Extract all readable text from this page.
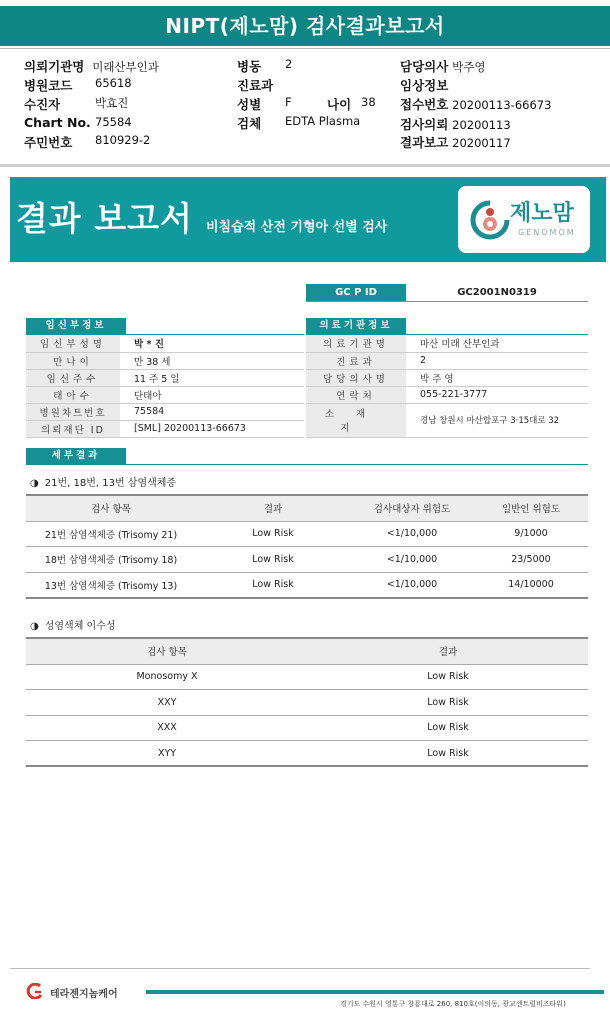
NIPT(제노맘) 검사결과보고서
의뢰기관명 미래산부인과
병원코드 65618
수진자	박효진
Chart No. 75584
주민번호 810929-2
병동 2
진료과
성별 F	나이 38
검체 EDTA Plasma
담당의사 박주영
임상정보
접수번호 20200113-66673
검사의뢰 20200113
결과보고 20200117
결과 보고서 비침습적 산전 기형아 선별 검사
제노맘
GENOMOM
GC P ID	GC2001N0319
임신부정보
임신부성명	박 * 진
만나이	만 38 세
임신주수	11 주 5 일
태아수	단태아
병원차트번호	75584
의뢰재단 ID	[SML] 20200113-66673
의료기관정보
의료기관명	마산 미래 산부인과
진료과	2
담당의사명	박 주 영
연락처	055-221-3777
소재지	경남 창원시 마산합포구 3·15대로 32
세부결과
◑ 21번, 18번, 13번 삼염색체증
검사 항목	결과	검사대상자 위험도	일반인 위험도
21번 삼염색체증 (Trisomy 21)	Low Risk	<1/10,000	9/1000
18번 삼염색체증 (Trisomy 18)	Low Risk	<1/10,000	23/5000
13번 삼염색체증 (Trisomy 13)	Low Risk	<1/10,000	14/10000
◑ 성염색체 이수성
검사 항목	결과
Monosomy X	Low Risk
XXY	Low Risk
XXX	Low Risk
XYY	Low Risk
테라젠지놈케어
경기도 수원시 영통구 창룡대로 260, 810호(이의동, 광교센트럴비즈타워)
